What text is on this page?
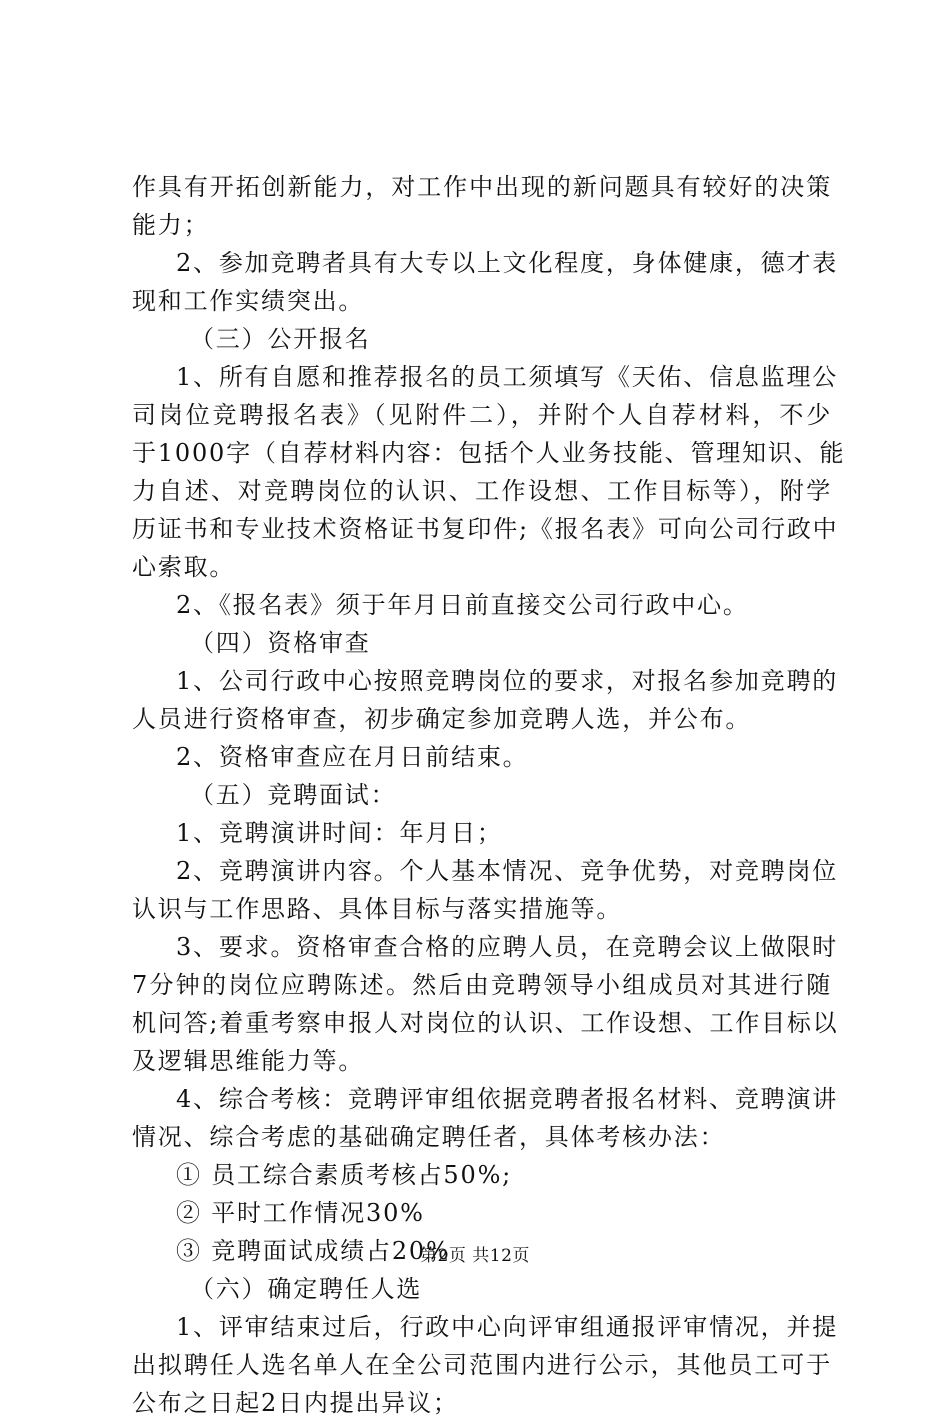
作具有开拓创新能力，对工作中出现的新问题具有较好的决策
能力；
2、参加竞聘者具有大专以上文化程度，身体健康，德才表
现和工作实绩突出。
（三）公开报名
1、所有自愿和推荐报名的员工须填写《天佑、信息监理公
司岗位竞聘报名表》（见附件二），并附个人自荐材料，不少
于1000字（自荐材料内容：包括个人业务技能、管理知识、能
力自述、对竞聘岗位的认识、工作设想、工作目标等），附学
历证书和专业技术资格证书复印件;《报名表》可向公司行政中
心索取。
2、《报名表》须于年月日前直接交公司行政中心。
（四）资格审查
1、公司行政中心按照竞聘岗位的要求，对报名参加竞聘的
人员进行资格审查，初步确定参加竞聘人选，并公布。
2、资格审查应在月日前结束。
（五）竞聘面试：
1、竞聘演讲时间：年月日；
2、竞聘演讲内容。个人基本情况、竞争优势，对竞聘岗位
认识与工作思路、具体目标与落实措施等。
3、要求。资格审查合格的应聘人员，在竞聘会议上做限时
7分钟的岗位应聘陈述。然后由竞聘领导小组成员对其进行随
机问答;着重考察申报人对岗位的认识、工作设想、工作目标以
及逻辑思维能力等。
4、综合考核：竞聘评审组依据竞聘者报名材料、竞聘演讲
情况、综合考虑的基础确定聘任者，具体考核办法：
① 员工综合素质考核占50%;
② 平时工作情况30%
③ 竞聘面试成绩占20%
（六）确定聘任人选
1、评审结束过后，行政中心向评审组通报评审情况，并提
出拟聘任人选名单人在全公司范围内进行公示，其他员工可于
公布之日起2日内提出异议；
第2页 共12页
